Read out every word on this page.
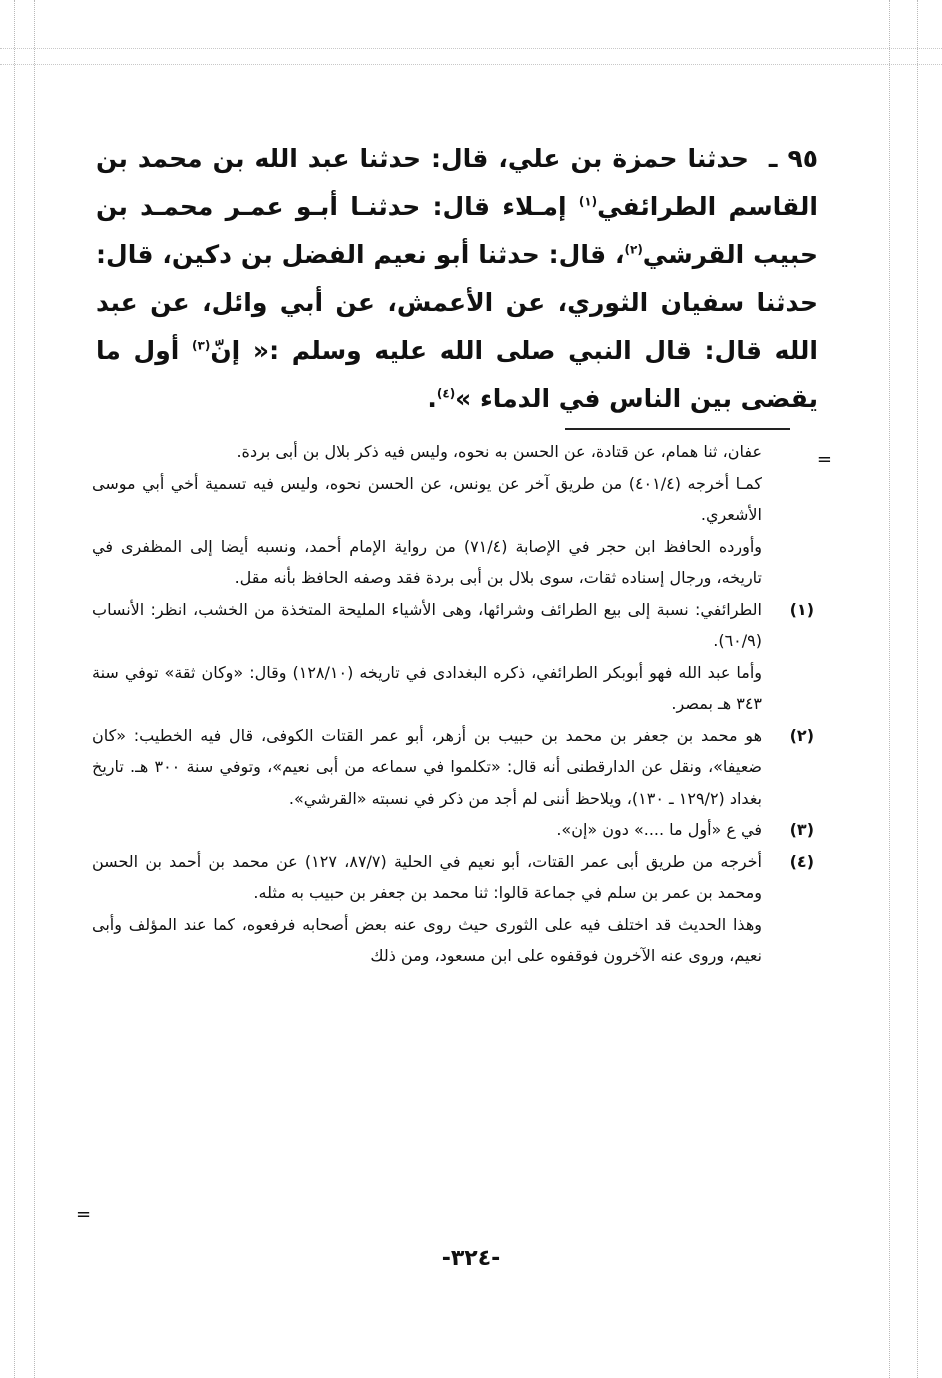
٩٥ ـ حدثنا حمزة بن علي، قال: حدثنا عبد الله بن محمد بن القاسم الطرائفي$^{(١)}$ إمـلاء قال: حدثنـا أبـو عمـر محمـد بن حبيب القرشي$^{(٢)}$، قال: حدثنا أبو نعيم الفضل بن دكين، قال: حدثنا سفيان الثوري، عن الأعمش، عن أبي وائل، عن عبد الله قال: قال النبي صلى الله عليه وسلم :« إنّ$^{(٣)}$ أول ما يقضى بين الناس في الدماء »$^{(٤)}$.
=

عفان، ثنا همام، عن قتادة، عن الحسن به نحوه، وليس فيه ذكر بلال بن أبى بردة.

كمـا أخرجه (٤٠١/٤) من طريق آخر عن يونس، عن الحسن نحوه، وليس فيه تسمية أخي أبي موسى الأشعري.

وأورده الحافظ ابن حجر في الإصابة (٧١/٤) من رواية الإمام أحمد، ونسبه أيضا إلى المظفرى في تاريخه، ورجال إسناده ثقات، سوى بلال بن أبى بردة فقد وصفه الحافظ بأنه مقل.

(١)

الطرائفي: نسبة إلى بيع الطرائف وشرائها، وهى الأشياء المليحة المتخذة من الخشب، انظر: الأنساب (٦٠/٩).

وأما عبد الله فهو أبوبكر الطرائفي، ذكره البغدادى في تاريخه (١٢٨/١٠) وقال: «وكان ثقة» توفي سنة ٣٤٣ هـ بمصر.

(٢)

هو محمد بن جعفر بن محمد بن حبيب بن أزهر، أبو عمر القتات الكوفى، قال فيه الخطيب: «كان ضعيفا»، ونقل عن الدارقطنى أنه قال: «تكلموا في سماعه من أبى نعيم»، وتوفي سنة ٣٠٠ هـ. تاريخ بغداد (١٢٩/٢ ـ ١٣٠)، ويلاحظ أننى لم أجد من ذكر في نسبته «القرشي».

(٣)

في ع «أول ما ....» دون «إن».

(٤)

أخرجه من طريق أبى عمر القتات، أبو نعيم في الحلية (٨٧/٧، ١٢٧) عن محمد بن أحمد بن الحسن ومحمد بن عمر بن سلم في جماعة قالوا: ثنا محمد بن جعفر بن حبيب به مثله.

وهذا الحديث قد اختلف فيه على الثورى حيث روى عنه بعض أصحابه فرفعوه، كما عند المؤلف وأبى نعيم، وروى عنه الآخرون فوقفوه على ابن مسعود، ومن ذلك

=
-٣٢٤-
